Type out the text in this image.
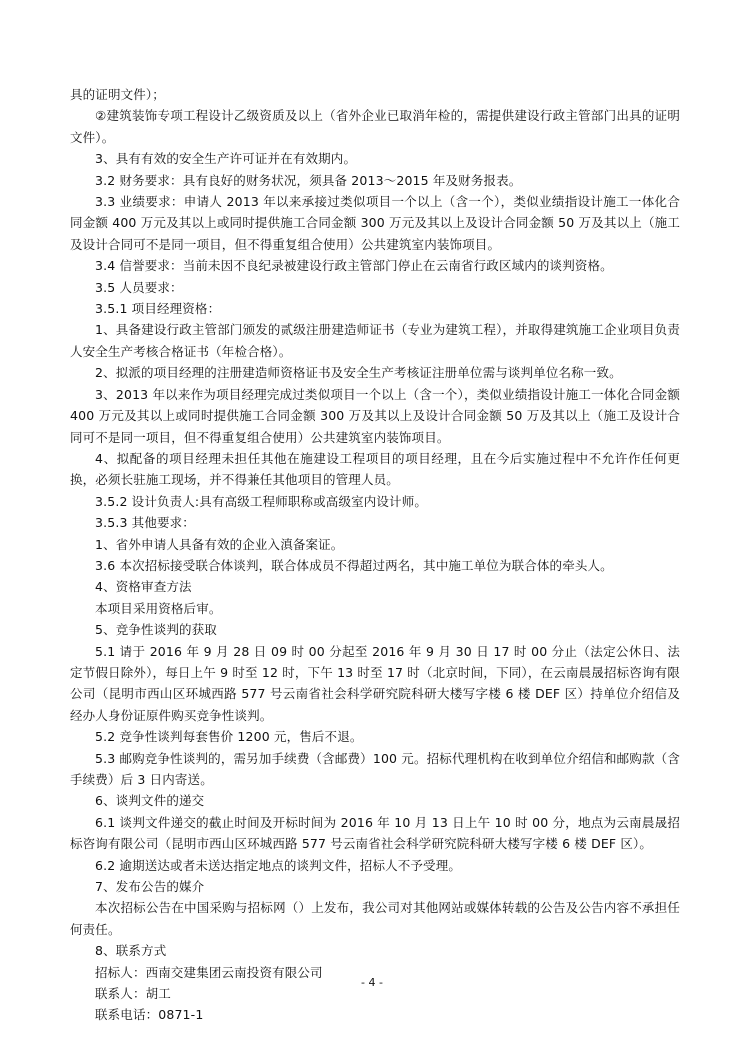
具的证明文件）；

②建筑装饰专项工程设计乙级资质及以上（省外企业已取消年检的，需提供建设行政主管部门出具的证明文件）。

3、具有有效的安全生产许可证并在有效期内。

3.2 财务要求：具有良好的财务状况，须具备 2013～2015 年及财务报表。

3.3 业绩要求：申请人 2013 年以来承接过类似项目一个以上（含一个），类似业绩指设计施工一体化合同金额 400 万元及其以上或同时提供施工合同金额 300 万元及其以上及设计合同金额 50 万及其以上（施工及设计合同可不是同一项目，但不得重复组合使用）公共建筑室内装饰项目。

3.4 信誉要求：当前未因不良纪录被建设行政主管部门停止在云南省行政区域内的谈判资格。

3.5 人员要求：

3.5.1 项目经理资格：

1、具备建设行政主管部门颁发的贰级注册建造师证书（专业为建筑工程），并取得建筑施工企业项目负责人安全生产考核合格证书（年检合格）。

2、拟派的项目经理的注册建造师资格证书及安全生产考核证注册单位需与谈判单位名称一致。

3、2013 年以来作为项目经理完成过类似项目一个以上（含一个），类似业绩指设计施工一体化合同金额 400 万元及其以上或同时提供施工合同金额 300 万及其以上及设计合同金额 50 万及其以上（施工及设计合同可不是同一项目，但不得重复组合使用）公共建筑室内装饰项目。

4、拟配备的项目经理未担任其他在施建设工程项目的项目经理，且在今后实施过程中不允许作任何更换，必须长驻施工现场，并不得兼任其他项目的管理人员。

3.5.2 设计负责人:具有高级工程师职称或高级室内设计师。

3.5.3 其他要求：

1、省外申请人具备有效的企业入滇备案证。

3.6 本次招标接受联合体谈判，联合体成员不得超过两名，其中施工单位为联合体的牵头人。

4、资格审查方法

本项目采用资格后审。

5、竞争性谈判的获取

5.1 请于 2016 年 9 月 28 日 09 时 00 分起至 2016 年 9 月 30 日 17 时 00 分止（法定公休日、法定节假日除外），每日上午 9 时至 12 时，下午 13 时至 17 时（北京时间，下同），在云南晨晟招标咨询有限公司（昆明市西山区环城西路 577 号云南省社会科学研究院科研大楼写字楼 6 楼 DEF 区）持单位介绍信及经办人身份证原件购买竞争性谈判。

5.2 竞争性谈判每套售价 1200 元，售后不退。

5.3 邮购竞争性谈判的，需另加手续费（含邮费）100 元。招标代理机构在收到单位介绍信和邮购款（含手续费）后 3 日内寄送。

6、谈判文件的递交

6.1 谈判文件递交的截止时间及开标时间为 2016 年 10 月 13 日上午 10 时 00 分，地点为云南晨晟招标咨询有限公司（昆明市西山区环城西路 577 号云南省社会科学研究院科研大楼写字楼 6 楼 DEF 区）。

6.2 逾期送达或者未送达指定地点的谈判文件，招标人不予受理。

7、发布公告的媒介

本次招标公告在中国采购与招标网（）上发布，我公司对其他网站或媒体转载的公告及公告内容不承担任何责任。

8、联系方式

招标人：西南交建集团云南投资有限公司

联系人：胡工

联系电话：0871-1

- 4 -
